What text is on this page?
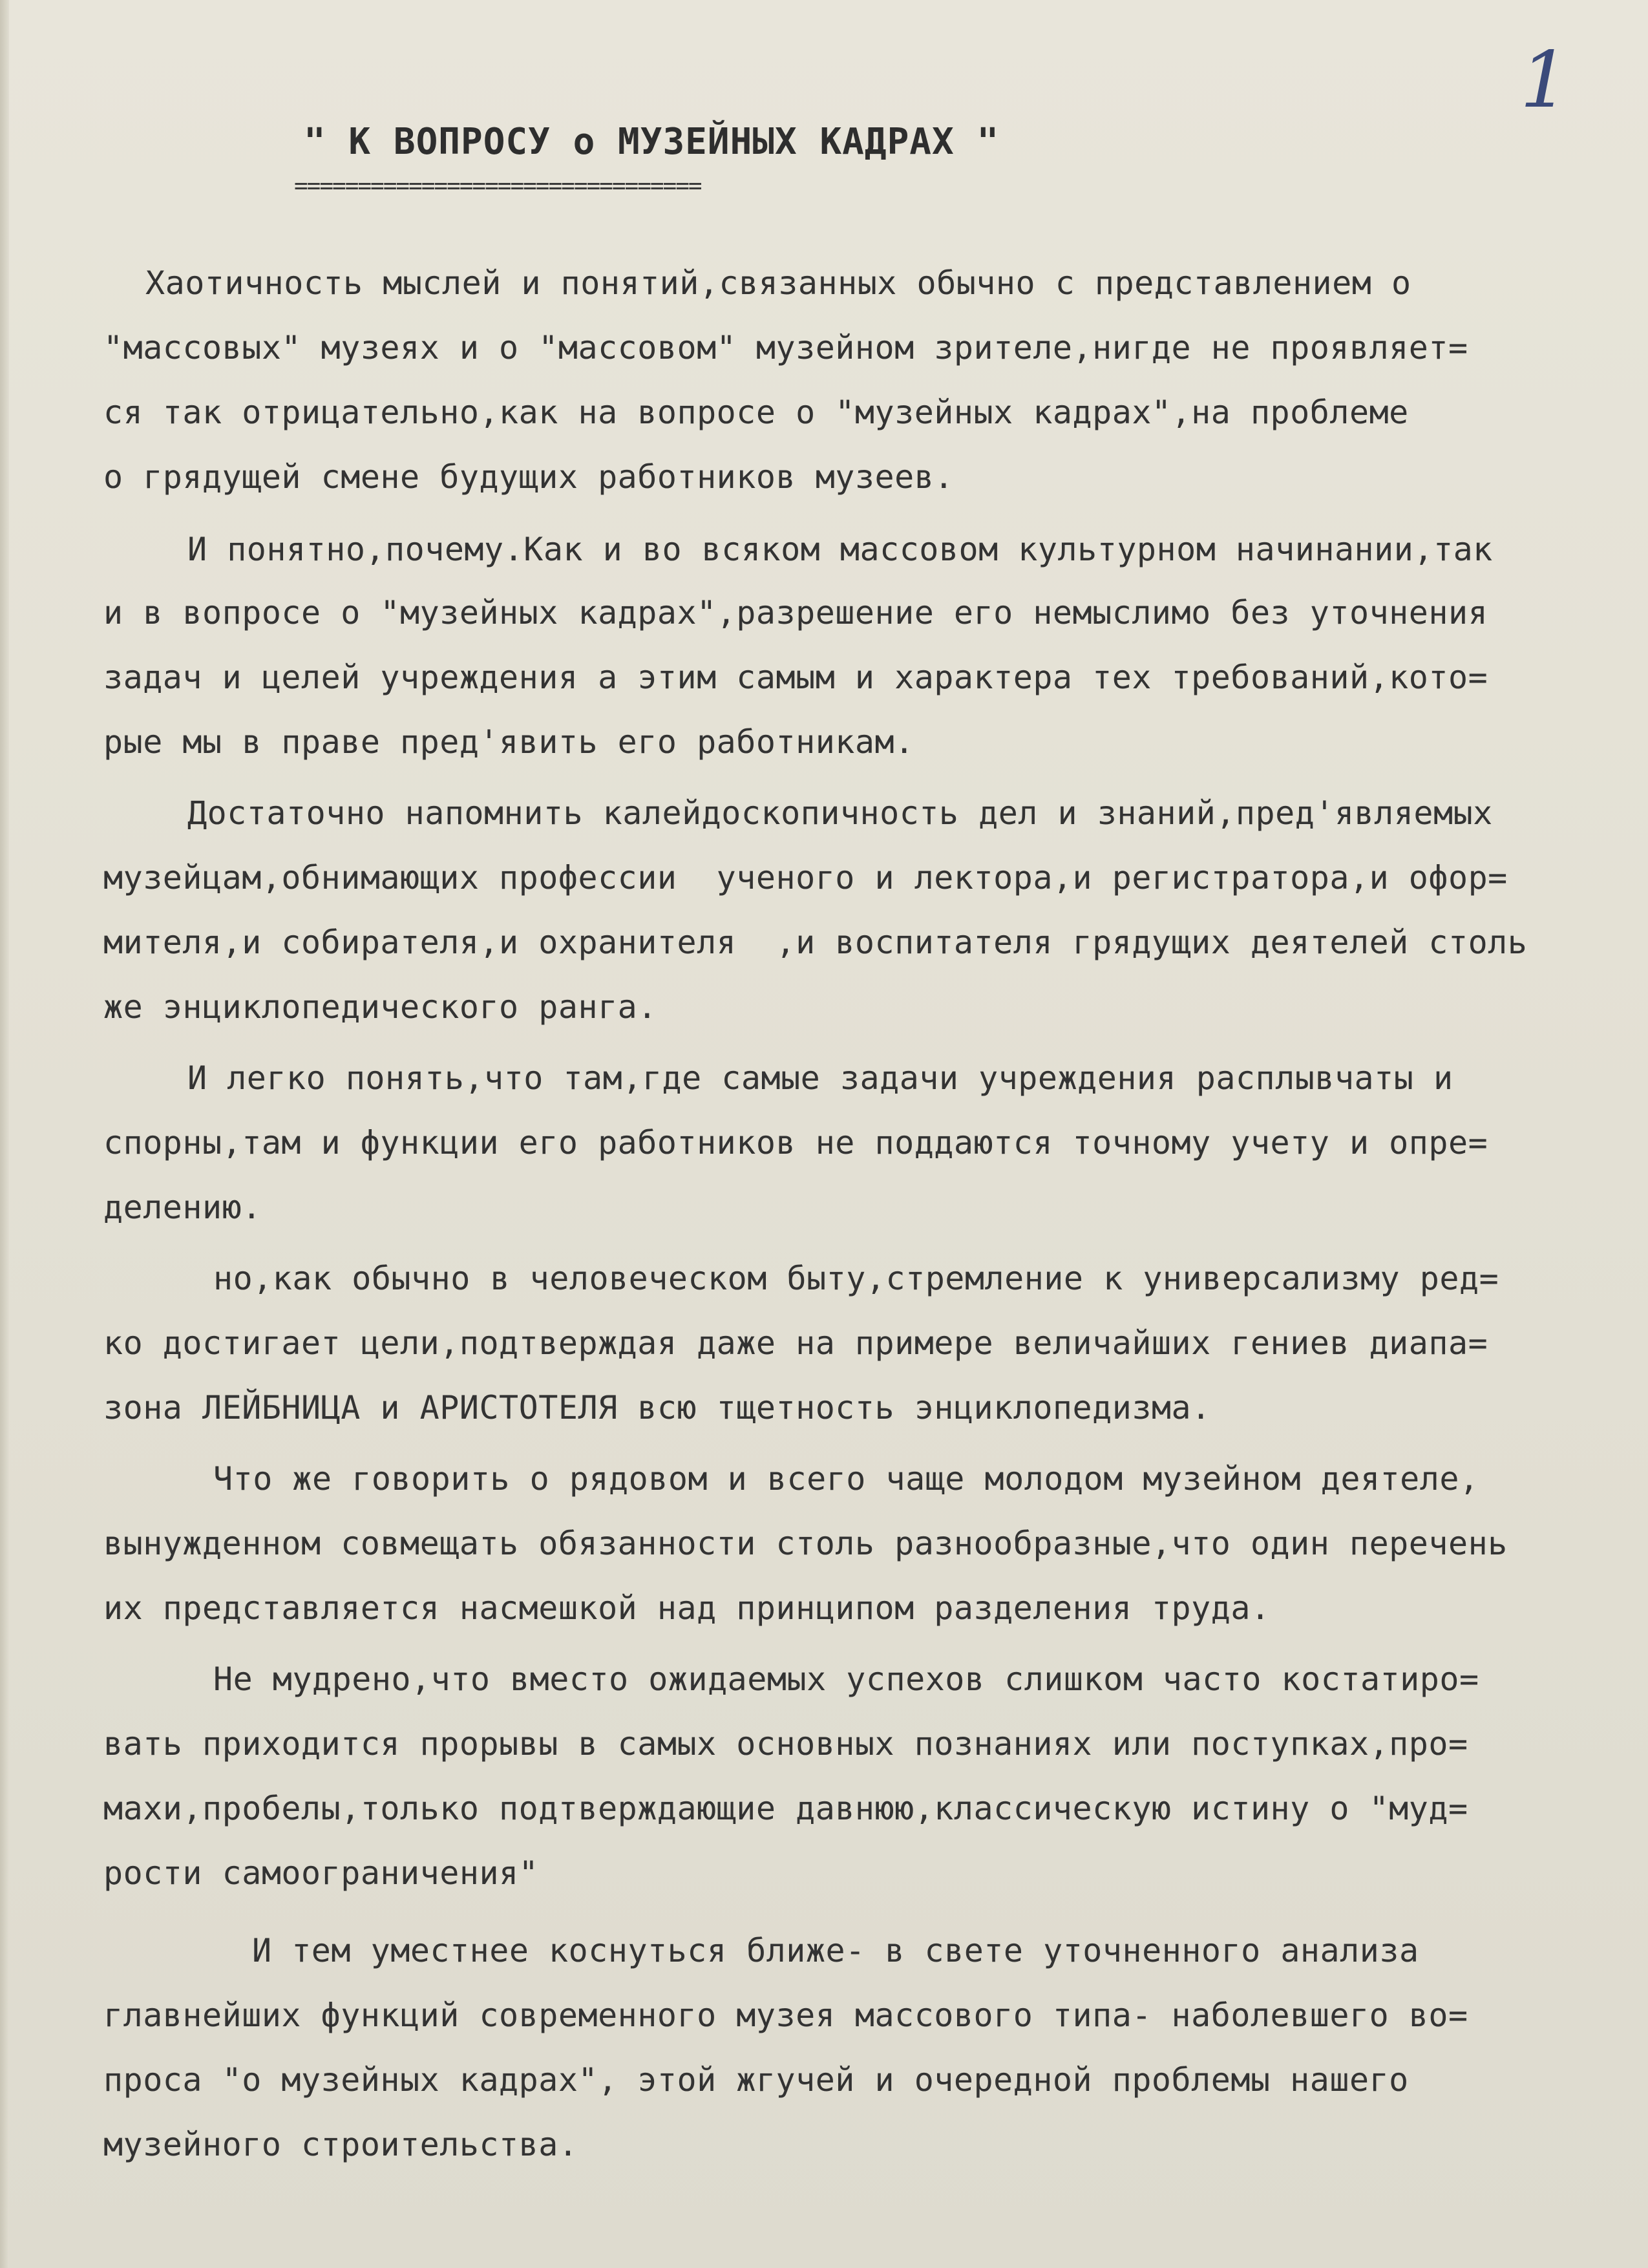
1
" К ВОПРОСУ о МУЗЕЙНЫХ КАДРАХ "
================================
Хаотичность мыслей и понятий,связанных обычно с представлением о
"массовых" музеях и о "массовом" музейном зрителе,нигде не проявляет=
ся так отрицательно,как на вопросе о "музейных кадрах",на проблеме
о грядущей смене будущих работников музеев.
И понятно,почему.Как и во всяком массовом культурном начинании,так
и в вопросе о "музейных кадрах",разрешение его немыслимо без уточнения
задач и целей учреждения а этим самым и характера тех требований,кото=
рые мы в праве пред'явить его работникам.
Достаточно напомнить калейдоскопичность дел и знаний,пред'являемых
музейцам,обнимающих профессии  ученого и лектора,и регистратора,и офор=
мителя,и собирателя,и охранителя  ,и воспитателя грядущих деятелей столь
же энциклопедического ранга.
И легко понять,что там,где самые задачи учреждения расплывчаты и
спорны,там и функции его работников не поддаются точному учету и опре=
делению.
но,как обычно в человеческом быту,стремление к универсализму ред=
ко достигает цели,подтверждая даже на примере величайших гениев диапа=
зона ЛЕЙБНИЦА и АРИСТОТЕЛЯ всю тщетность энциклопедизма.
Что же говорить о рядовом и всего чаще молодом музейном деятеле,
вынужденном совмещать обязанности столь разнообразные,что один перечень
их представляется насмешкой над принципом разделения труда.
Не мудрено,что вместо ожидаемых успехов слишком часто костатиро=
вать приходится прорывы в самых основных познаниях или поступках,про=
махи,пробелы,только подтверждающие давнюю,классическую истину о "муд=
рости самоограничения"
И тем уместнее коснуться ближе- в свете уточненного анализа
главнейших функций современного музея массового типа- наболевшего во=
проса "о музейных кадрах", этой жгучей и очередной проблемы нашего
музейного строительства.
